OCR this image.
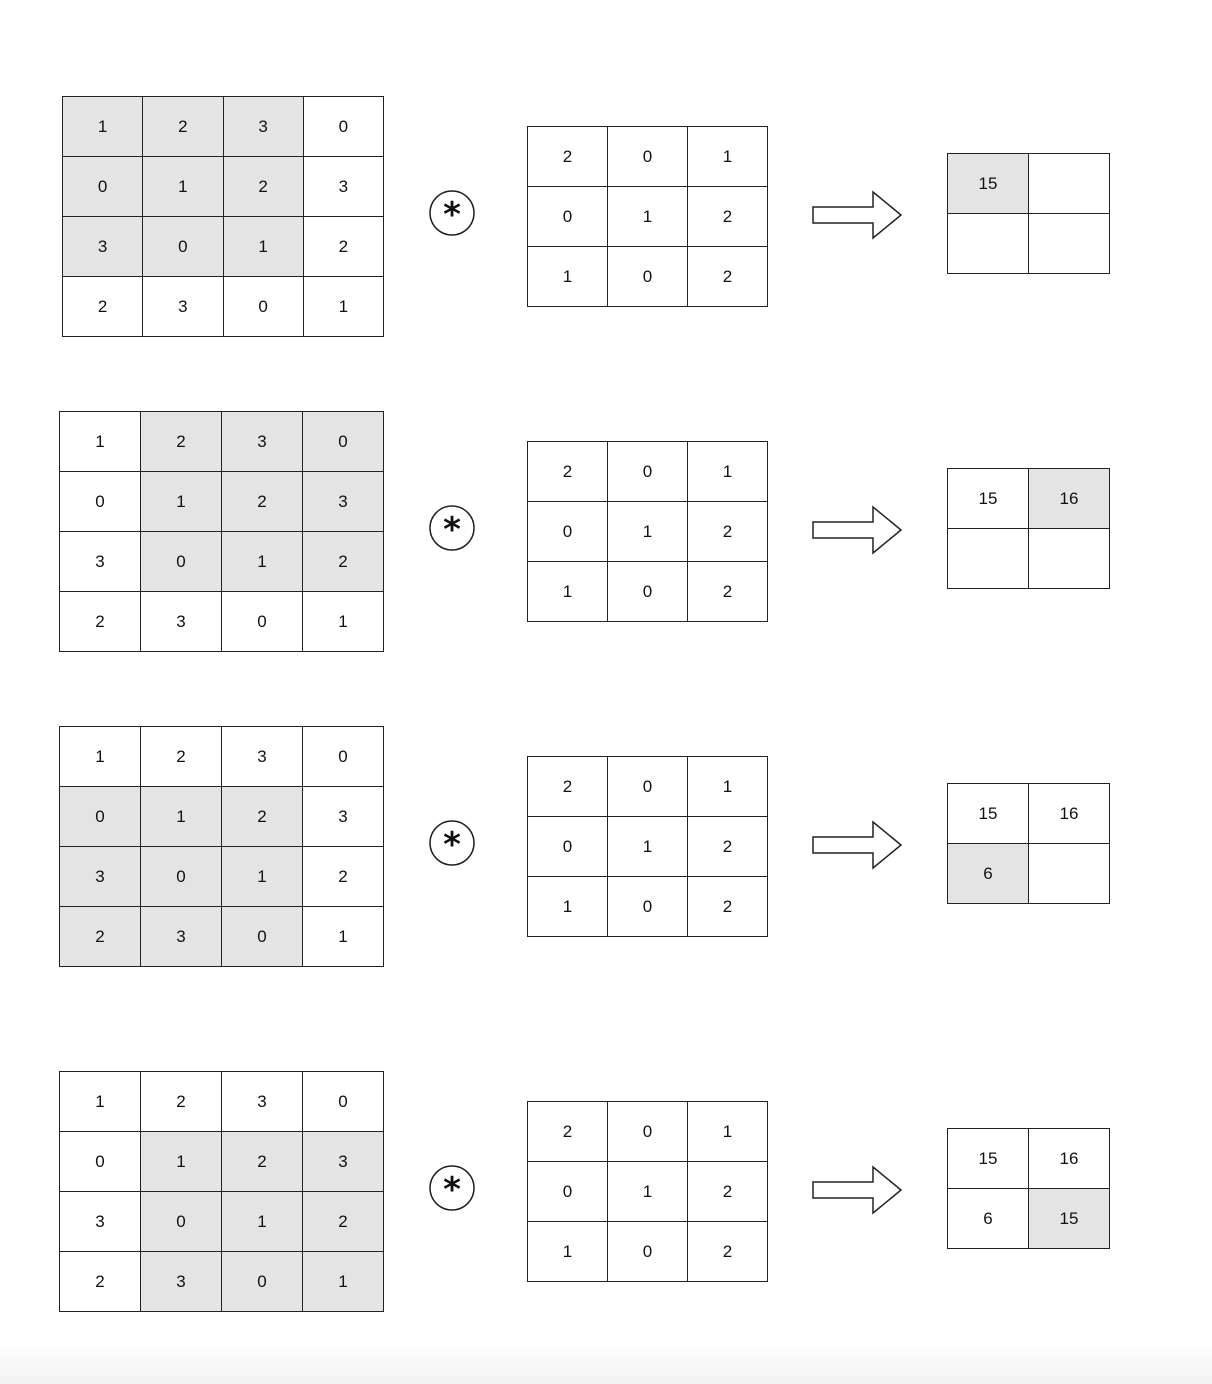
1	2	3	0
0	1	2	3
3	0	1	2
2	3	0	1
*
2	0	1
0	1	2
1	0	2
15	

1	2	3	0
0	1	2	3
3	0	1	2
2	3	0	1
*
2	0	1
0	1	2
1	0	2
15	16

1	2	3	0
0	1	2	3
3	0	1	2
2	3	0	1
*
2	0	1
0	1	2
1	0	2
15	16
6	
1	2	3	0
0	1	2	3
3	0	1	2
2	3	0	1
*
2	0	1
0	1	2
1	0	2
15	16
6	15
